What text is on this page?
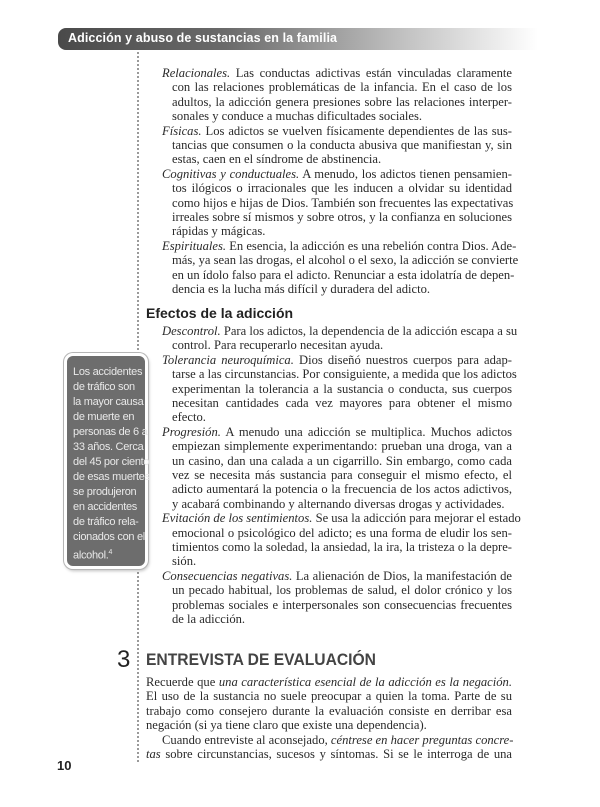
Adicción y abuso de sustancias en la familia
Relacionales. Las conductas adictivas están vinculadas claramente
con las relaciones problemáticas de la infancia. En el caso de los
adultos, la adicción genera presiones sobre las relaciones interper-
sonales y conduce a muchas dificultades sociales.
Físicas. Los adictos se vuelven físicamente dependientes de las sus-
tancias que consumen o la conducta abusiva que manifiestan y, sin
estas, caen en el síndrome de abstinencia.
Cognitivas y conductuales. A menudo, los adictos tienen pensamien-
tos ilógicos o irracionales que les inducen a olvidar su identidad
como hijos e hijas de Dios. También son frecuentes las expectativas
irreales sobre sí mismos y sobre otros, y la confianza en soluciones
rápidas y mágicas.
Espirituales. En esencia, la adicción es una rebelión contra Dios. Ade-
más, ya sean las drogas, el alcohol o el sexo, la adicción se convierte
en un ídolo falso para el adicto. Renunciar a esta idolatría de depen-
dencia es la lucha más difícil y duradera del adicto.
Efectos de la adicción
Descontrol. Para los adictos, la dependencia de la adicción escapa a su
control. Para recuperarlo necesitan ayuda.
Tolerancia neuroquímica. Dios diseñó nuestros cuerpos para adap-
tarse a las circunstancias. Por consiguiente, a medida que los adictos
experimentan la tolerancia a la sustancia o conducta, sus cuerpos
necesitan cantidades cada vez mayores para obtener el mismo
efecto.
Progresión. A menudo una adicción se multiplica. Muchos adictos
empiezan simplemente experimentando: prueban una droga, van a
un casino, dan una calada a un cigarrillo. Sin embargo, como cada
vez se necesita más sustancia para conseguir el mismo efecto, el
adicto aumentará la potencia o la frecuencia de los actos adictivos,
y acabará combinando y alternando diversas drogas y actividades.
Evitación de los sentimientos. Se usa la adicción para mejorar el estado
emocional o psicológico del adicto; es una forma de eludir los sen-
timientos como la soledad, la ansiedad, la ira, la tristeza o la depre-
sión.
Consecuencias negativas. La alienación de Dios, la manifestación de
un pecado habitual, los problemas de salud, el dolor crónico y los
problemas sociales e interpersonales son consecuencias frecuentes
de la adicción.
Los accidentes
de tráfico son
la mayor causa
de muerte en
personas de 6 a
33 años. Cerca
del 45 por ciento
de esas muertes
se produjeron
en accidentes
de tráfico rela-
cionados con el
alcohol.$^4$
3 ENTREVISTA DE EVALUACIÓN
Recuerde que una característica esencial de la adicción es la negación.
El uso de la sustancia no suele preocupar a quien la toma. Parte de su
trabajo como consejero durante la evaluación consiste en derribar esa
negación (si ya tiene claro que existe una dependencia).
Cuando entreviste al aconsejado, céntrese en hacer preguntas concre-
tas sobre circunstancias, sucesos y síntomas. Si se le interroga de una
10
